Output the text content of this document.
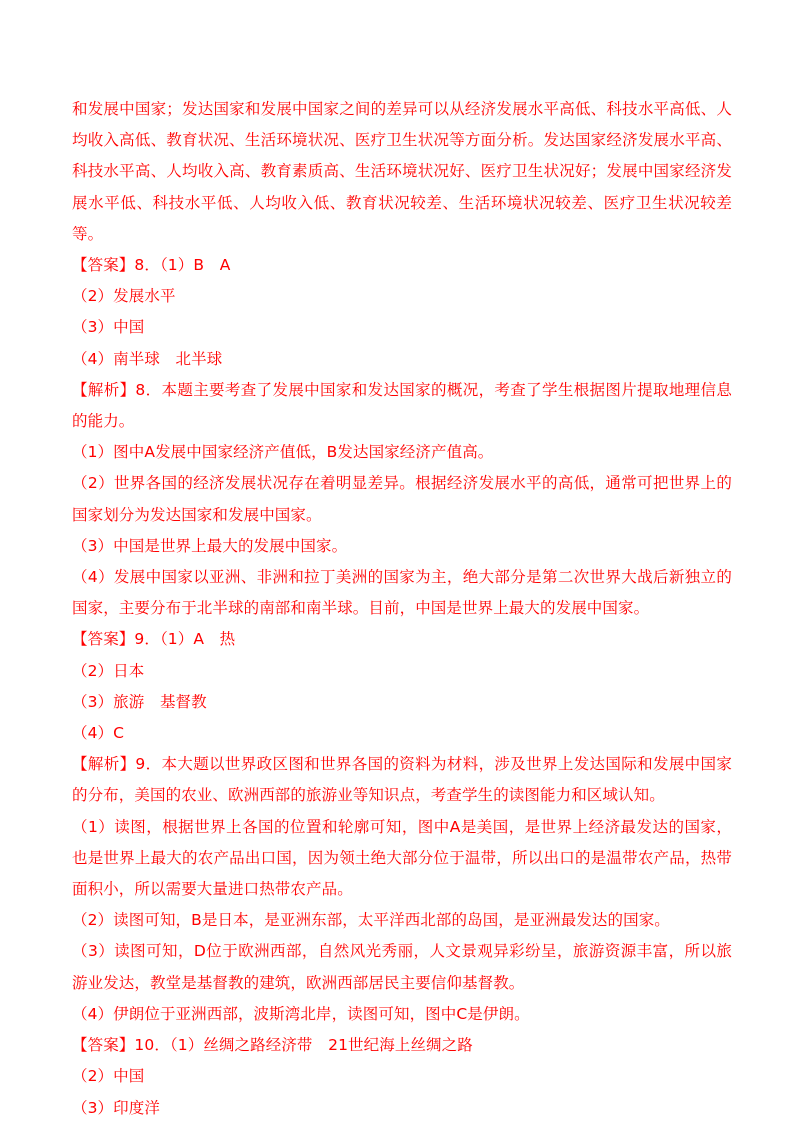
和发展中国家；发达国家和发展中国家之间的差异可以从经济发展水平高低、科技水平高低、人均收入高低、教育状况、生活环境状况、医疗卫生状况等方面分析。发达国家经济发展水平高、科技水平高、人均收入高、教育素质高、生活环境状况好、医疗卫生状况好；发展中国家经济发展水平低、科技水平低、人均收入低、教育状况较差、生活环境状况较差、医疗卫生状况较差等。

【答案】8．（1）B　A

（2）发展水平

（3）中国

（4）南半球　北半球

【解析】8．本题主要考查了发展中国家和发达国家的概况，考查了学生根据图片提取地理信息的能力。

（1）图中A发展中国家经济产值低，B发达国家经济产值高。

（2）世界各国的经济发展状况存在着明显差异。根据经济发展水平的高低，通常可把世界上的国家划分为发达国家和发展中国家。

（3）中国是世界上最大的发展中国家。

（4）发展中国家以亚洲、非洲和拉丁美洲的国家为主，绝大部分是第二次世界大战后新独立的国家，主要分布于北半球的南部和南半球。目前，中国是世界上最大的发展中国家。

【答案】9．（1）A　热

（2）日本

（3）旅游　基督教

（4）C

【解析】9．本大题以世界政区图和世界各国的资料为材料，涉及世界上发达国际和发展中国家的分布，美国的农业、欧洲西部的旅游业等知识点，考查学生的读图能力和区域认知。

（1）读图，根据世界上各国的位置和轮廓可知，图中A是美国，是世界上经济最发达的国家，也是世界上最大的农产品出口国，因为领土绝大部分位于温带，所以出口的是温带农产品，热带面积小，所以需要大量进口热带农产品。

（2）读图可知，B是日本，是亚洲东部，太平洋西北部的岛国，是亚洲最发达的国家。

（3）读图可知，D位于欧洲西部，自然风光秀丽，人文景观异彩纷呈，旅游资源丰富，所以旅游业发达，教堂是基督教的建筑，欧洲西部居民主要信仰基督教。

（4）伊朗位于亚洲西部，波斯湾北岸，读图可知，图中C是伊朗。

【答案】10．（1）丝绸之路经济带　21世纪海上丝绸之路

（2）中国

（3）印度洋
